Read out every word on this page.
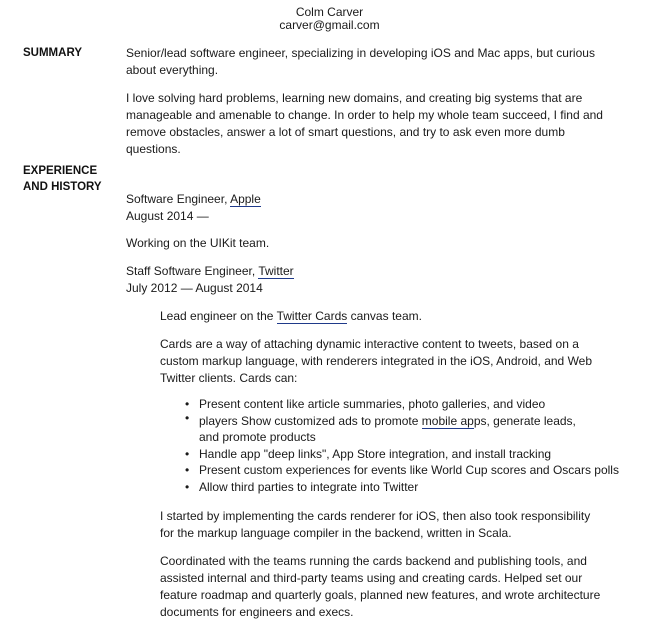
Colm Carver
carver@gmail.com
SUMMARY	Senior/lead software engineer, specializing in developing iOS and Mac apps, but curious
about everything.
I love solving hard problems, learning new domains, and creating big systems that are
manageable and amenable to change. In order to help my whole team succeed, I find and
remove obstacles, answer a lot of smart questions, and try to ask even more dumb
questions.
EXPERIENCE
AND HISTORY
Software Engineer, Apple
August 2014 —
Working on the UIKit team.
Staff Software Engineer, Twitter
July 2012 — August 2014
Lead engineer on the Twitter Cards canvas team.
Cards are a way of attaching dynamic interactive content to tweets, based on a
custom markup language, with renderers integrated in the iOS, Android, and Web
Twitter clients. Cards can:
• Present content like article summaries, photo galleries, and video
• players Show customized ads to promote mobile apps, generate leads,
and promote products
• Handle app "deep links", App Store integration, and install tracking
• Present custom experiences for events like World Cup scores and Oscars polls
• Allow third parties to integrate into Twitter
I started by implementing the cards renderer for iOS, then also took responsibility
for the markup language compiler in the backend, written in Scala.
Coordinated with the teams running the cards backend and publishing tools, and
assisted internal and third-party teams using and creating cards. Helped set our
feature roadmap and quarterly goals, planned new features, and wrote architecture
documents for engineers and execs.
